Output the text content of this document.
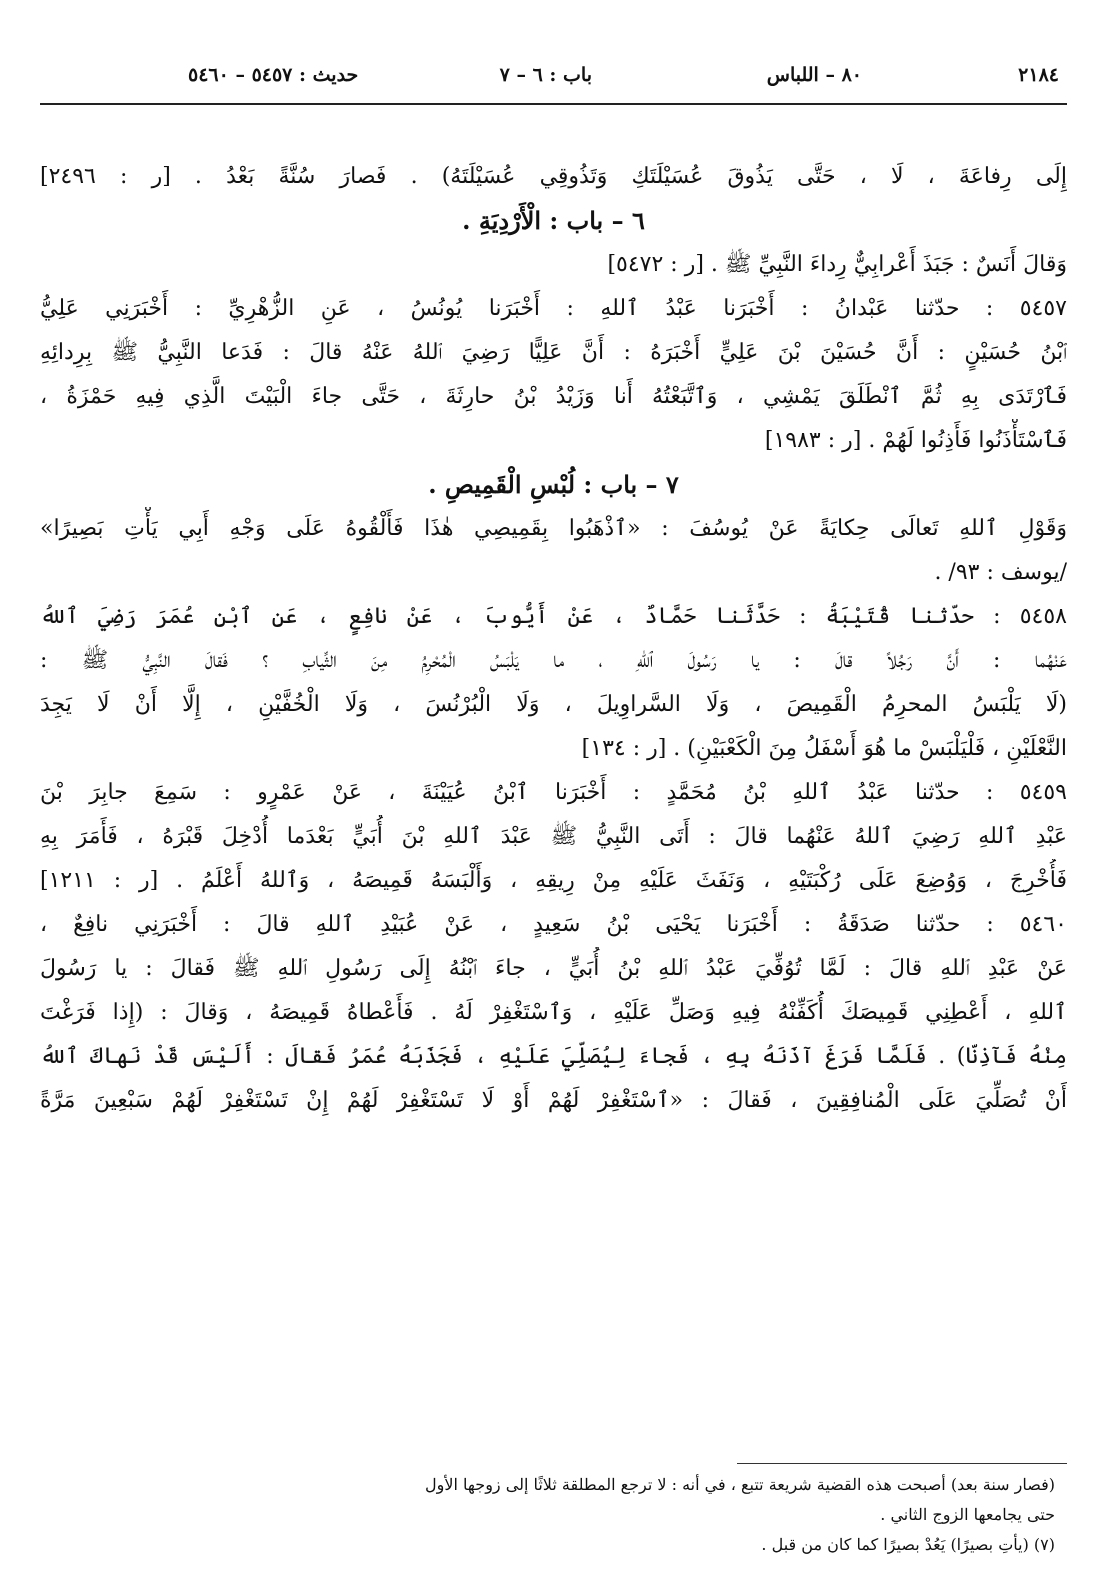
٢١٨٤
٨٠ – اللباس
باب : ٦ – ٧
حديث : ٥٤٥٧ – ٥٤٦٠
إِلَى رِفاعَةَ ، لَا ، حَتَّى يَذُوقَ عُسَيْلَتَكِ وَتَذُوقِي عُسَيْلَتَهُ) . فَصارَ سُنَّةً بَعْدُ . [ر : ٢٤٩٦]
٦ – باب : الْأَرْدِيَةِ .
وَقالَ أَنَسٌ : جَبَذَ أَعْرابِيٌّ رِداءَ النَّبِيِّ ﷺ . [ر : ٥٤٧٢]
٥٤٥٧ : حدّثنا عَبْدانُ : أَخْبَرَنا عَبْدُ ٱللهِ : أَخْبَرَنا يُونُسُ ، عَنِ الزُّهْرِيِّ : أَخْبَرَنِي عَلِيُّ
ٱبْنُ حُسَيْنٍ : أَنَّ حُسَيْنَ بْنَ عَلِيٍّ أَخْبَرَهُ : أَنَّ عَلِيًّا رَضِيَ ٱللهُ عَنْهُ قالَ : فَدَعا النَّبِيُّ ﷺ بِرِدائِهِ
فَٱرْتَدَى بِهِ ثُمَّ ٱنْطَلَقَ يَمْشِي ، وَٱتَّبَعْتُهُ أَنا وَزَيْدُ بْنُ حارِثَةَ ، حَتَّى جاءَ الْبَيْتَ الَّذِي فِيهِ حَمْزَةُ ،
فَٱسْتَأْذَنُوا فَأَذِنُوا لَهُمْ . [ر : ١٩٨٣]
٧ – باب : لُبْسِ الْقَمِيصِ .
وَقَوْلِ ٱللهِ تَعالَى حِكايَةً عَنْ يُوسُفَ : «ٱذْهَبُوا بِقَمِيصِي هٰذَا فَأَلْقُوهُ عَلَى وَجْهِ أَبِي يَأْتِ بَصِيرًا»
/يوسف : ٩٣/ .
٥٤٥٨ : حدّثنا قُتَيْبَةُ : حَدَّثَنا حَمَّادٌ ، عَنْ أَيُّوبَ ، عَنْ نافِعٍ ، عَنِ ٱبْنِ عُمَرَ رَضِيَ ٱللهُ
عَنْهُما : أَنَّ رَجُلاً قالَ : يا رَسُولَ ٱللهِ ، ما يَلْبَسُ الْمُحْرِمُ مِنَ الثِّيابِ ؟ فَقالَ النَّبِيُّ ﷺ :
(لَا يَلْبَسُ المحرِمُ الْقَمِيصَ ، وَلَا السَّراوِيلَ ، وَلَا الْبُرْنُسَ ، وَلَا الْخُفَّيْنِ ، إِلَّا أَنْ لَا يَجِدَ
النَّعْلَيْنِ ، فَلْيَلْبَسْ ما هُوَ أَسْفَلُ مِنَ الْكَعْبَيْنِ) . [ر : ١٣٤]
٥٤٥٩ : حدّثنا عَبْدُ ٱللهِ بْنُ مُحَمَّدٍ : أَخْبَرَنا ٱبْنُ عُيَيْنَةَ ، عَنْ عَمْرٍو : سَمِعَ جابِرَ بْنَ
عَبْدِ ٱللهِ رَضِيَ ٱللهُ عَنْهُما قالَ : أَتَى النَّبِيُّ ﷺ عَبْدَ ٱللهِ بْنَ أُبَيٍّ بَعْدَما أُدْخِلَ قَبْرَهُ ، فَأَمَرَ بِهِ
فَأُخْرِجَ ، وَوُضِعَ عَلَى رُكْبَتَيْهِ ، وَنَفَثَ عَلَيْهِ مِنْ رِيقِهِ ، وَأَلْبَسَهُ قَمِيصَهُ ، وَٱللهُ أَعْلَمُ . [ر : ١٢١١]
٥٤٦٠ : حدّثنا صَدَقَةُ : أَخْبَرَنا يَحْيَى بْنُ سَعِيدٍ ، عَنْ عُبَيْدِ ٱللهِ قالَ : أَخْبَرَنِي نافِعٌ ،
عَنْ عَبْدِ ٱللهِ قالَ : لَمَّا تُوُفِّيَ عَبْدُ ٱللهِ بْنُ أُبَيٍّ ، جاءَ ٱبْنُهُ إِلَى رَسُولِ ٱللهِ ﷺ فَقالَ : يا رَسُولَ
ٱللهِ ، أَعْطِنِي قَمِيصَكَ أُكَفِّنْهُ فِيهِ وَصَلِّ عَلَيْهِ ، وَٱسْتَغْفِرْ لَهُ . فَأَعْطاهُ قَمِيصَهُ ، وَقالَ : (إِذا فَرَغْتَ
مِنْهُ فَآذِنّا) . فَلَمَّا فَرَغَ آذَنَهُ بِهِ ، فَجاءَ لِيُصَلِّيَ عَلَيْهِ ، فَجَذَبَهُ عُمَرُ فَقالَ : أَلَيْسَ قَدْ نَهاكَ ٱللهُ
أَنْ تُصَلِّيَ عَلَى الْمُنافِقِينَ ، فَقالَ : «ٱسْتَغْفِرْ لَهُمْ أَوْ لَا تَسْتَغْفِرْ لَهُمْ إِنْ تَسْتَغْفِرْ لَهُمْ سَبْعِينَ مَرَّةً
(فصار سنة بعد) أصبحت هذه القضية شريعة تتبع ، في أنه : لا ترجع المطلقة ثلاثًا إلى زوجها الأول
حتى يجامعها الزوج الثاني .
(٧) (يأتِ بصيرًا) يَعُدْ بصيرًا كما كان من قبل .
